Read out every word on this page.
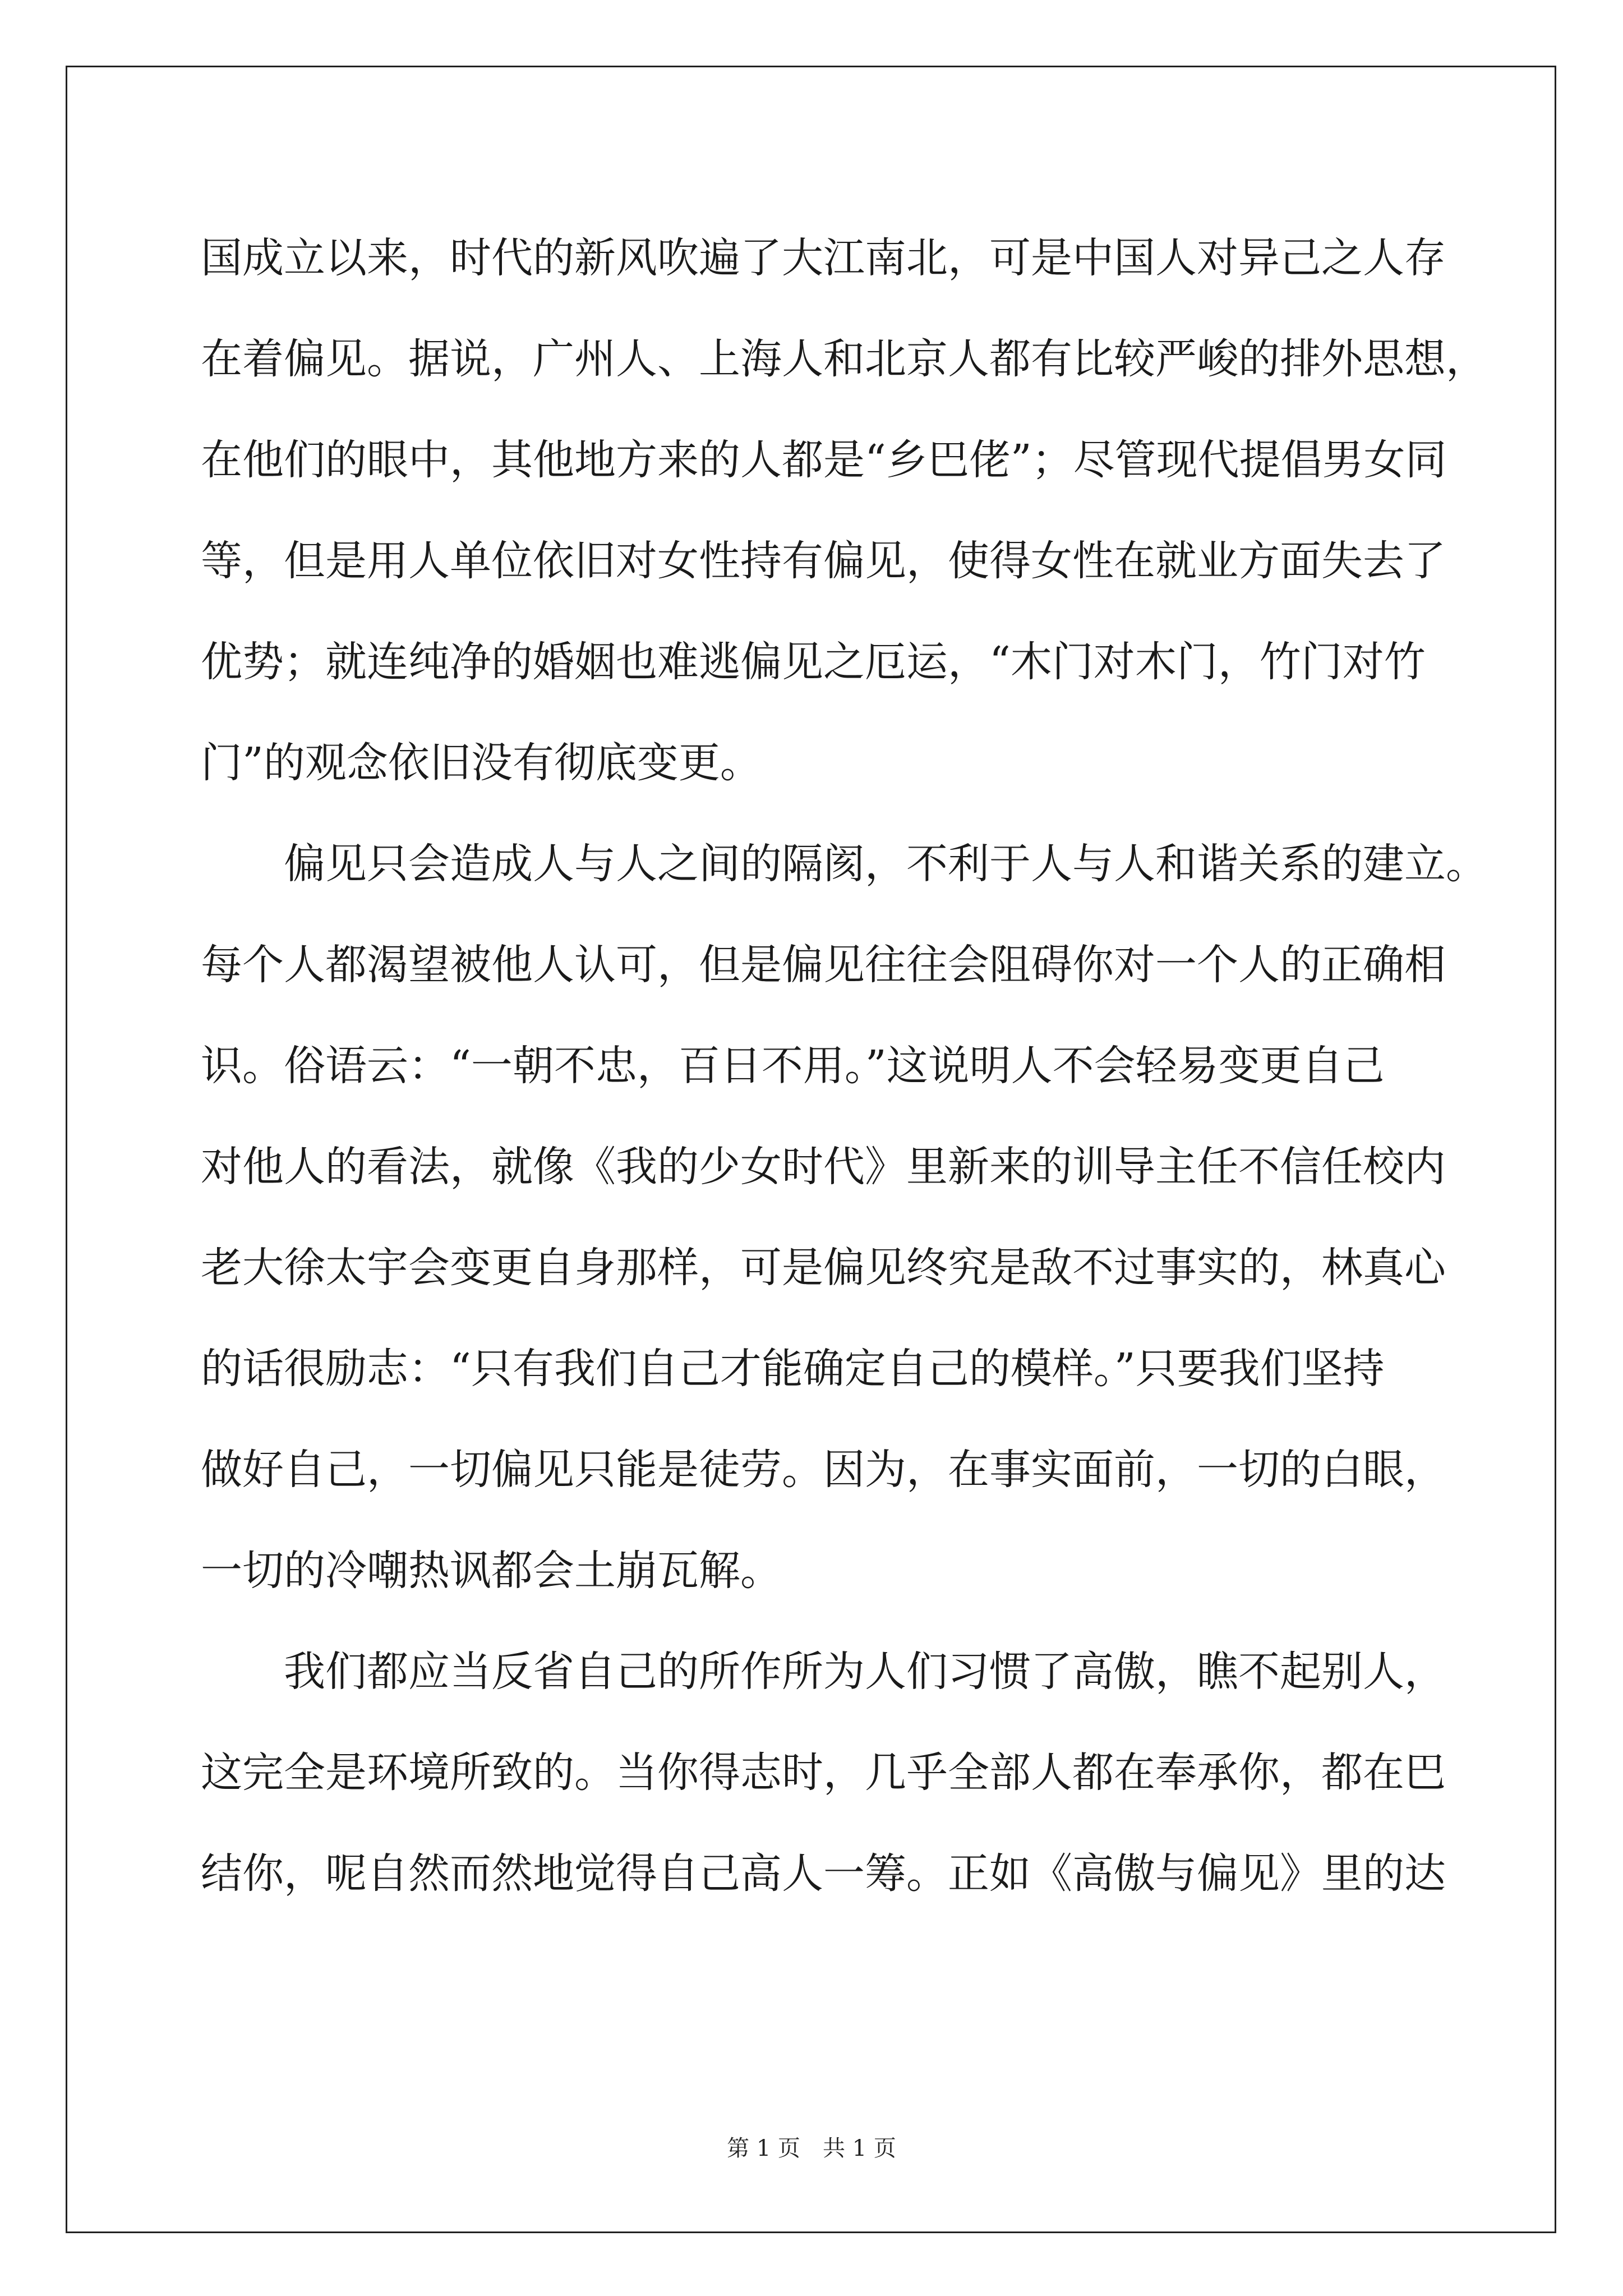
国成立以来，时代的新风吹遍了大江南北，可是中国人对异己之人存
在着偏见。据说，广州人、上海人和北京人都有比较严峻的排外思想，
在他们的眼中，其他地方来的人都是“乡巴佬”；尽管现代提倡男女同
等，但是用人单位依旧对女性持有偏见，使得女性在就业方面失去了
优势；就连纯净的婚姻也难逃偏见之厄运，“木门对木门，竹门对竹
门”的观念依旧没有彻底变更。
偏见只会造成人与人之间的隔阂，不利于人与人和谐关系的建立。
每个人都渴望被他人认可，但是偏见往往会阻碍你对一个人的正确相
识。俗语云：“一朝不忠，百日不用。”这说明人不会轻易变更自己
对他人的看法，就像《我的少女时代》里新来的训导主任不信任校内
老大徐太宇会变更自身那样，可是偏见终究是敌不过事实的，林真心
的话很励志：“只有我们自己才能确定自己的模样。”只要我们坚持
做好自己，一切偏见只能是徒劳。因为，在事实面前，一切的白眼，
一切的冷嘲热讽都会土崩瓦解。
我们都应当反省自己的所作所为人们习惯了高傲，瞧不起别人，
这完全是环境所致的。当你得志时，几乎全部人都在奉承你，都在巴
结你，呢自然而然地觉得自己高人一筹。正如《高傲与偏见》里的达
第 1 页　共 1 页
